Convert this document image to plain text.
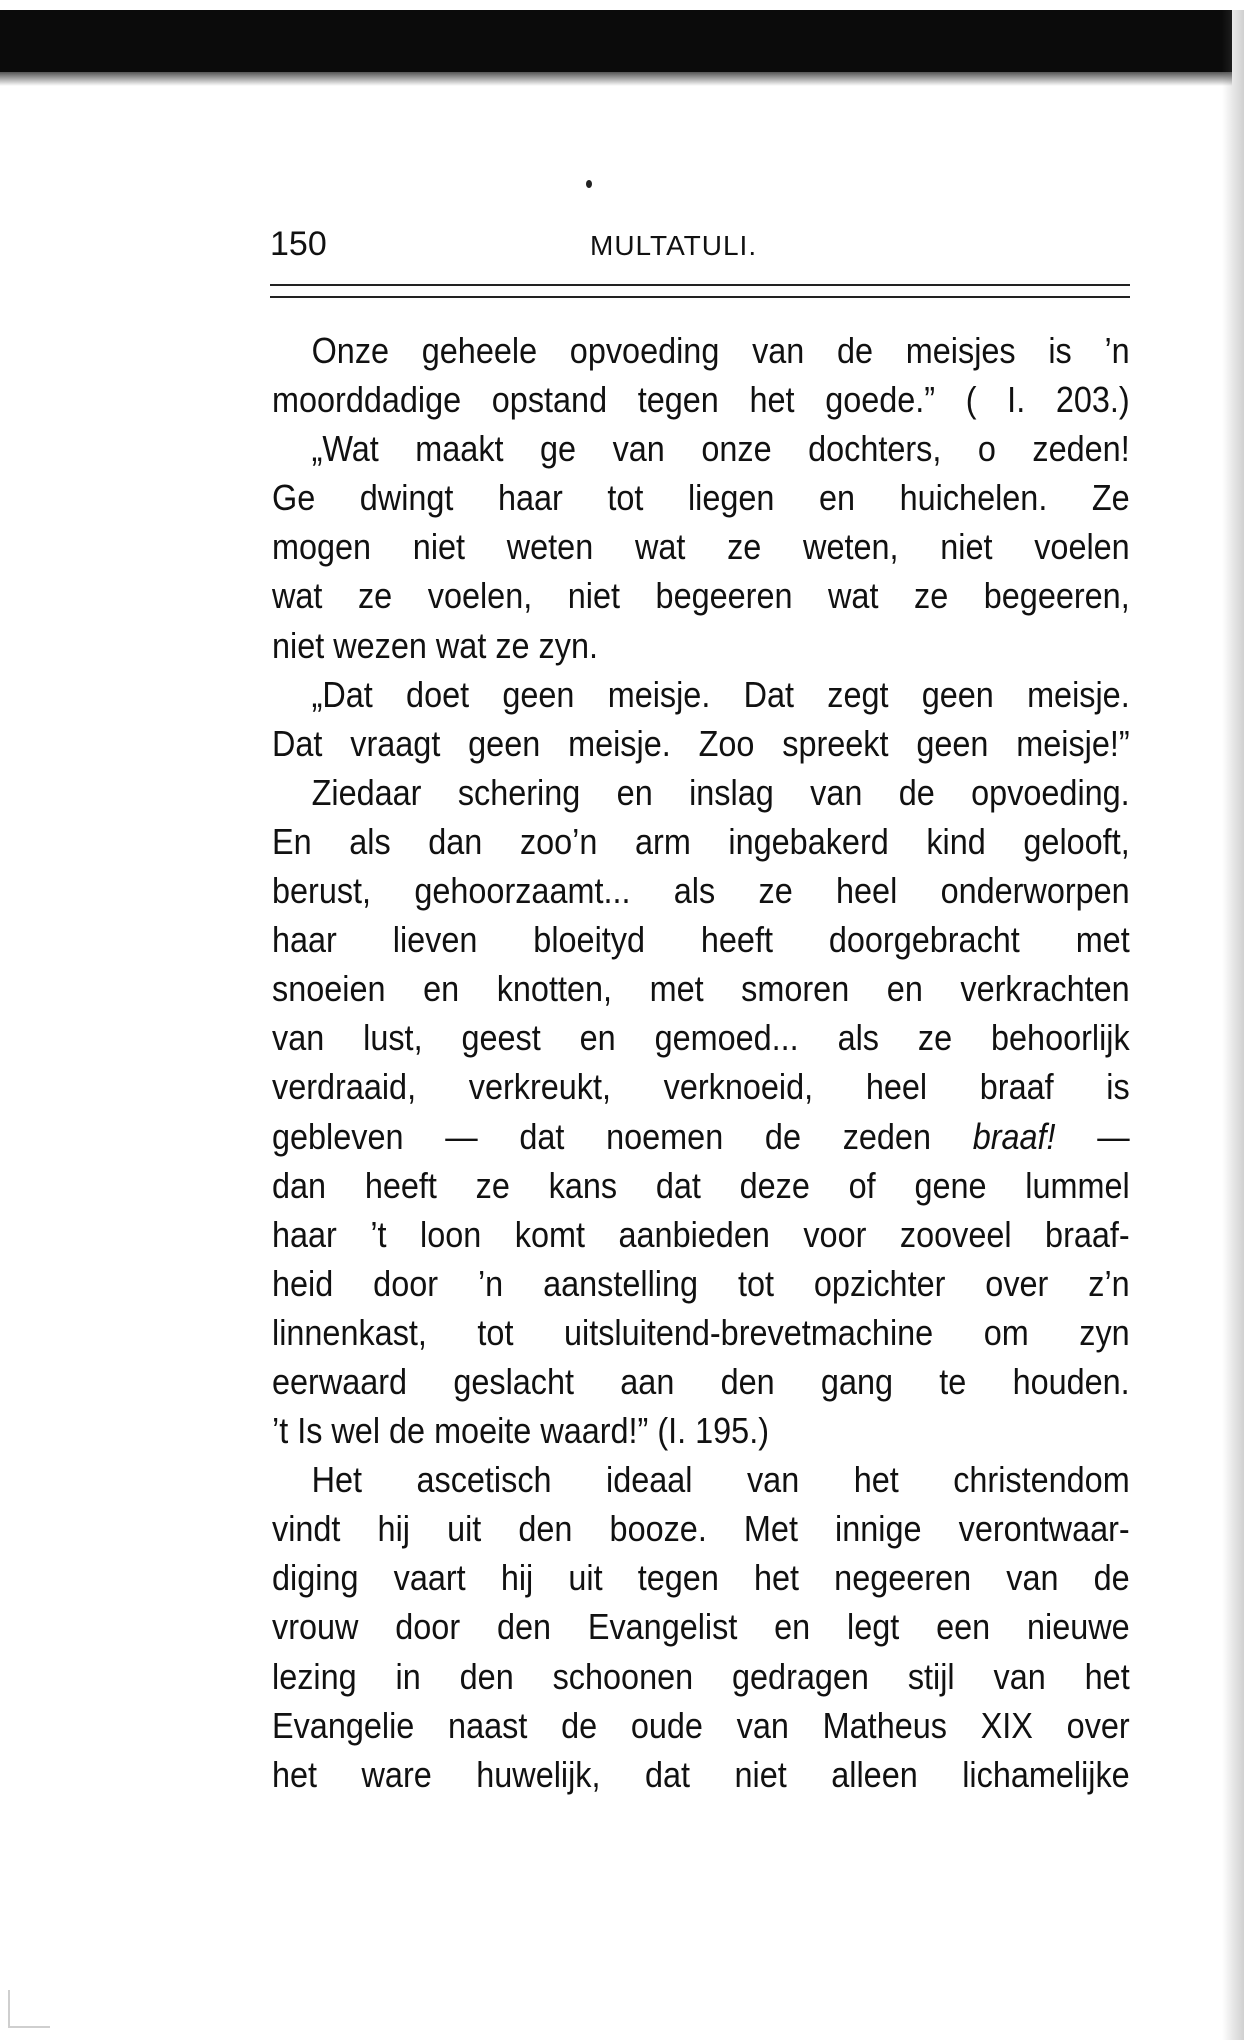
150	MULTATULI.
Onze geheele opvoeding van de meisjes is ’n
moorddadige opstand tegen het goede.” ( I. 203.)
„Wat maakt ge van onze dochters, o zeden!
Ge dwingt haar tot liegen en huichelen. Ze
mogen niet weten wat ze weten, niet voelen
wat ze voelen, niet begeeren wat ze begeeren,
niet wezen wat ze zyn.
„Dat doet geen meisje. Dat zegt geen meisje.
Dat vraagt geen meisje. Zoo spreekt geen meisje!”
Ziedaar schering en inslag van de opvoeding.
En als dan zoo’n arm ingebakerd kind gelooft,
berust, gehoorzaamt... als ze heel onderworpen
haar lieven bloeityd heeft doorgebracht met
snoeien en knotten, met smoren en verkrachten
van lust, geest en gemoed... als ze behoorlijk
verdraaid, verkreukt, verknoeid, heel braaf is
gebleven — dat noemen de zeden braaf! —
dan heeft ze kans dat deze of gene lummel
haar ’t loon komt aanbieden voor zooveel braaf-
heid door ’n aanstelling tot opzichter over z’n
linnenkast, tot uitsluitend-brevetmachine om zyn
eerwaard geslacht aan den gang te houden.
’t Is wel de moeite waard!” (I. 195.)
Het ascetisch ideaal van het christendom
vindt hij uit den booze. Met innige verontwaar-
diging vaart hij uit tegen het negeeren van de
vrouw door den Evangelist en legt een nieuwe
lezing in den schoonen gedragen stijl van het
Evangelie naast de oude van Matheus XIX over
het ware huwelijk, dat niet alleen lichamelijke
